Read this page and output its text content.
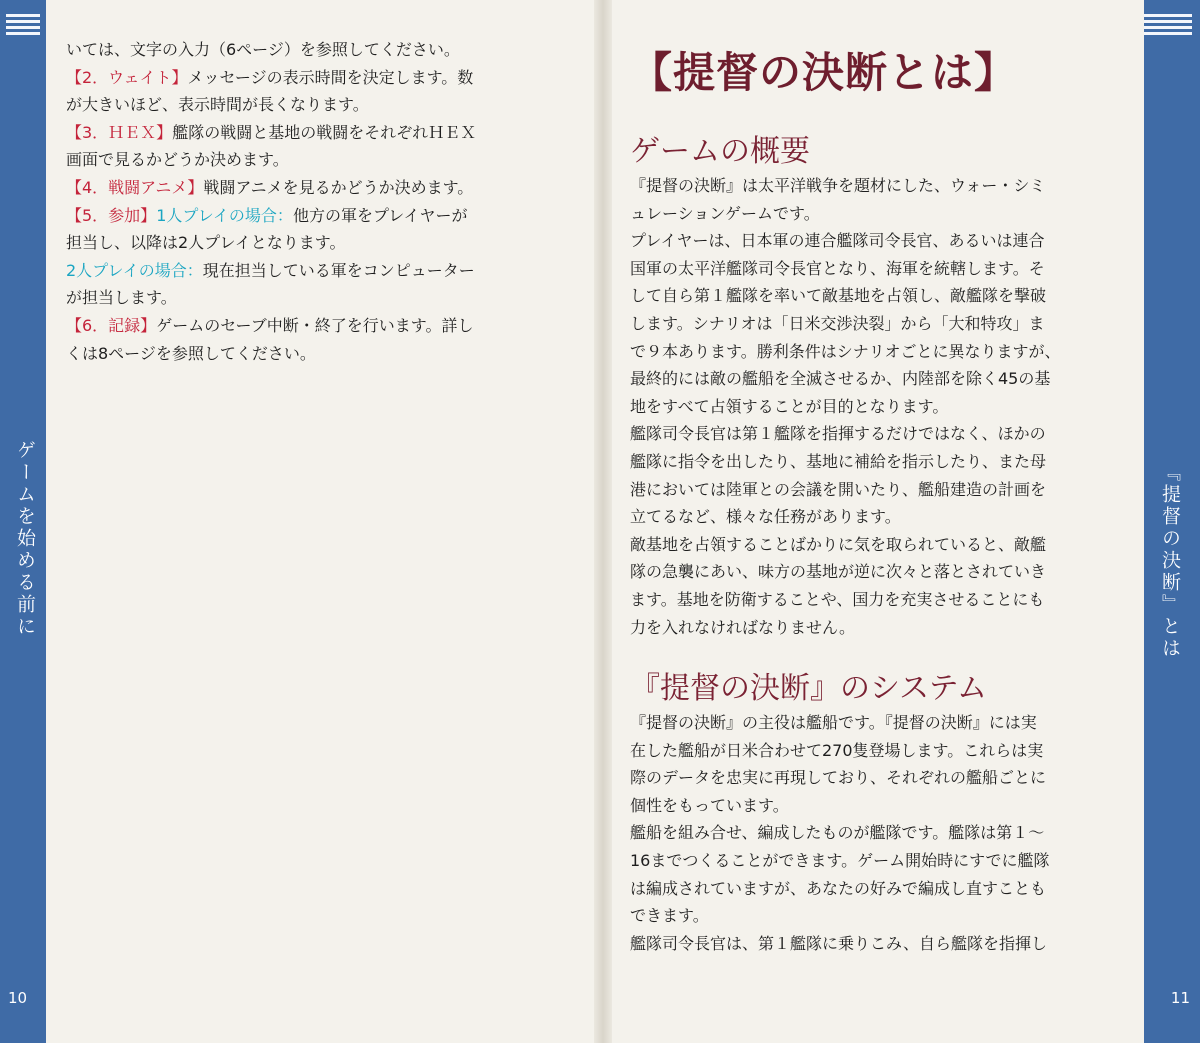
ゲームを始める前に
10

いては、文字の入力（6ページ）を参照してください。

【2．ウェイト】メッセージの表示時間を決定します。数

が大きいほど、表示時間が長くなります。

【3．ＨＥＸ】艦隊の戦闘と基地の戦闘をそれぞれＨＥＸ

画面で見るかどうか決めます。

【4．戦闘アニメ】戦闘アニメを見るかどうか決めます。

【5．参加】1人プレイの場合：他方の軍をプレイヤーが

担当し、以降は2人プレイとなります。

2人プレイの場合：現在担当している軍をコンピューター

が担当します。

【6．記録】ゲームのセーブ中断・終了を行います。詳し

くは8ページを参照してください。

【提督の決断とは】
ゲームの概要

『提督の決断』は太平洋戦争を題材にした、ウォー・シミ

ュレーションゲームです。

プレイヤーは、日本軍の連合艦隊司令長官、あるいは連合

国軍の太平洋艦隊司令長官となり、海軍を統轄します。そ

して自ら第１艦隊を率いて敵基地を占領し、敵艦隊を撃破

します。シナリオは「日米交渉決裂」から「大和特攻」ま

で９本あります。勝利条件はシナリオごとに異なりますが、

最終的には敵の艦船を全滅させるか、内陸部を除く45の基

地をすべて占領することが目的となります。

艦隊司令長官は第１艦隊を指揮するだけではなく、ほかの

艦隊に指令を出したり、基地に補給を指示したり、また母

港においては陸軍との会議を開いたり、艦船建造の計画を

立てるなど、様々な任務があります。

敵基地を占領することばかりに気を取られていると、敵艦

隊の急襲にあい、味方の基地が逆に次々と落とされていき

ます。基地を防衛することや、国力を充実させることにも

力を入れなければなりません。

『提督の決断』のシステム

『提督の決断』の主役は艦船です。『提督の決断』には実

在した艦船が日米合わせて270隻登場します。これらは実

際のデータを忠実に再現しており、それぞれの艦船ごとに

個性をもっています。

艦船を組み合せ、編成したものが艦隊です。艦隊は第１～

16までつくることができます。ゲーム開始時にすでに艦隊

は編成されていますが、あなたの好みで編成し直すことも

できます。

艦隊司令長官は、第１艦隊に乗りこみ、自ら艦隊を指揮し

『提督の決断』とは
11
